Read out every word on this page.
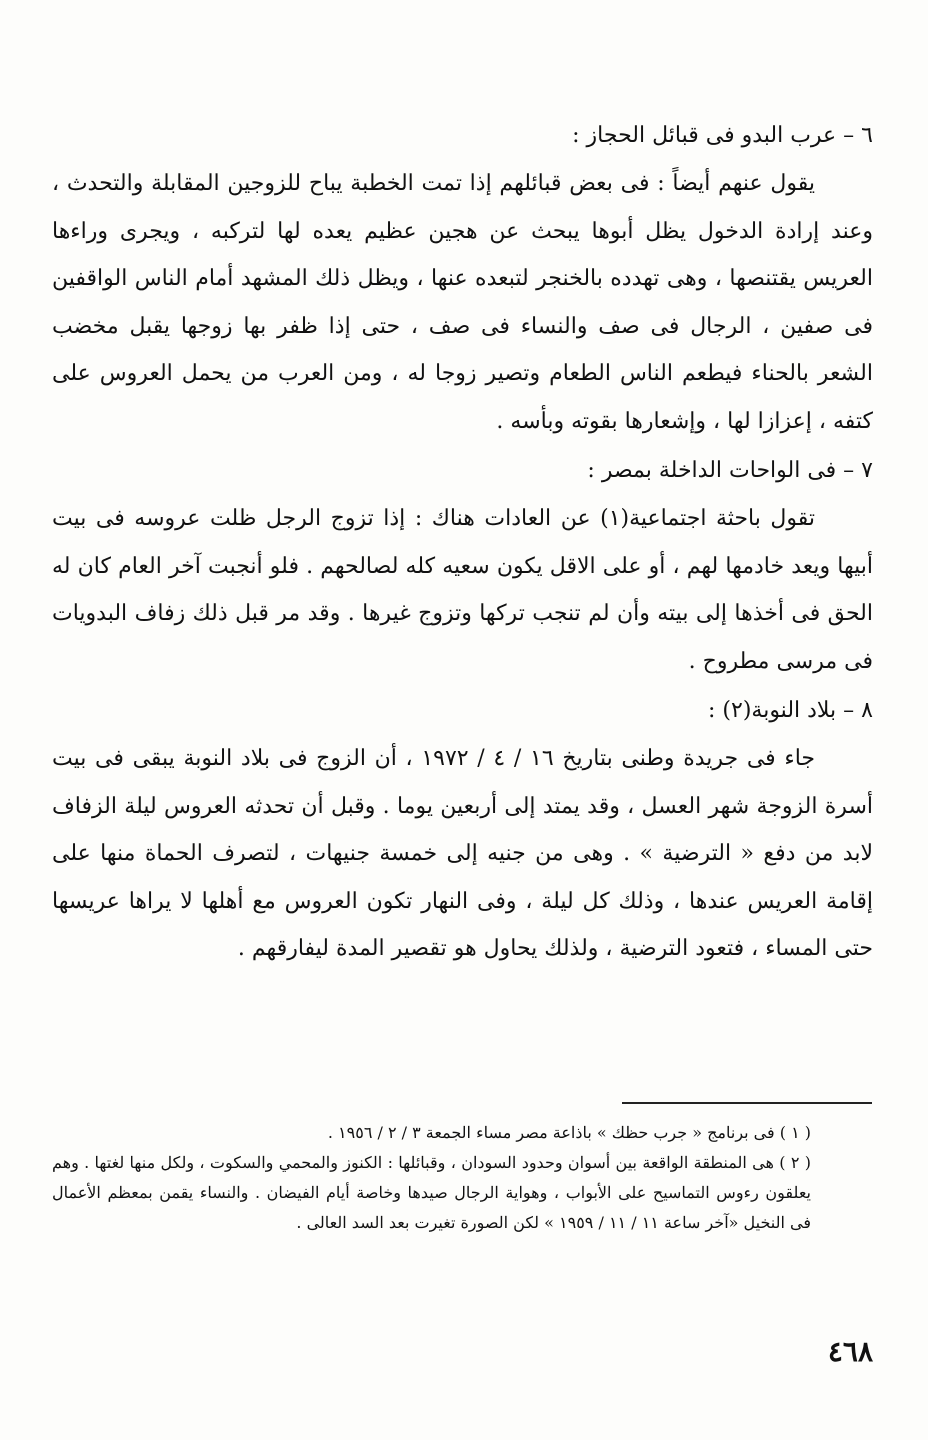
٦ – عرب البدو فى قبائل الحجاز :

يقول عنهم أيضاً : فى بعض قبائلهم إذا تمت الخطبة يباح للزوجين المقابلة والتحدث ، وعند إرادة الدخول يظل أبوها يبحث عن هجين عظيم يعده لها لتركبه ، ويجرى وراءها العريس يقتنصها ، وهى تهدده بالخنجر لتبعده عنها ، ويظل ذلك المشهد أمام الناس الواقفين فى صفين ، الرجال فى صف والنساء فى صف ، حتى إذا ظفر بها زوجها يقبل مخضب الشعر بالحناء فيطعم الناس الطعام وتصير زوجا له ، ومن العرب من يحمل العروس على كتفه ، إعزازا لها ، وإشعارها بقوته وبأسه .

٧ – فى الواحات الداخلة بمصر :

تقول باحثة اجتماعية(١) عن العادات هناك : إذا تزوج الرجل ظلت عروسه فى بيت أبيها ويعد خادمها لهم ، أو على الاقل يكون سعيه كله لصالحهم . فلو أنجبت آخر العام كان له الحق فى أخذها إلى بيته وأن لم تنجب تركها وتزوج غيرها . وقد مر قبل ذلك زفاف البدويات فى مرسى مطروح .

٨ – بلاد النوبة(٢) :

جاء فى جريدة وطنى بتاريخ ١٦ / ٤ / ١٩٧٢ ، أن الزوج فى بلاد النوبة يبقى فى بيت أسرة الزوجة شهر العسل ، وقد يمتد إلى أربعين يوما . وقبل أن تحدثه العروس ليلة الزفاف لابد من دفع « الترضية » . وهى من جنيه إلى خمسة جنيهات ، لتصرف الحماة منها على إقامة العريس عندها ، وذلك كل ليلة ، وفى النهار تكون العروس مع أهلها لا يراها عريسها حتى المساء ، فتعود الترضية ، ولذلك يحاول هو تقصير المدة ليفارقهم .

( ١ ) فى برنامج « جرب حظك » باذاعة مصر مساء الجمعة ٣ / ٢ / ١٩٥٦ .

( ٢ ) هى المنطقة الواقعة بين أسوان وحدود السودان ، وقبائلها : الكنوز والمحمي والسكوت ، ولكل منها لغتها . وهم يعلقون رءوس التماسيح على الأبواب ، وهواية الرجال صيدها وخاصة أيام الفيضان . والنساء يقمن بمعظم الأعمال فى النخيل «آخر ساعة ١١ / ١١ / ١٩٥٩ » لكن الصورة تغيرت بعد السد العالى .

٤٦٨
